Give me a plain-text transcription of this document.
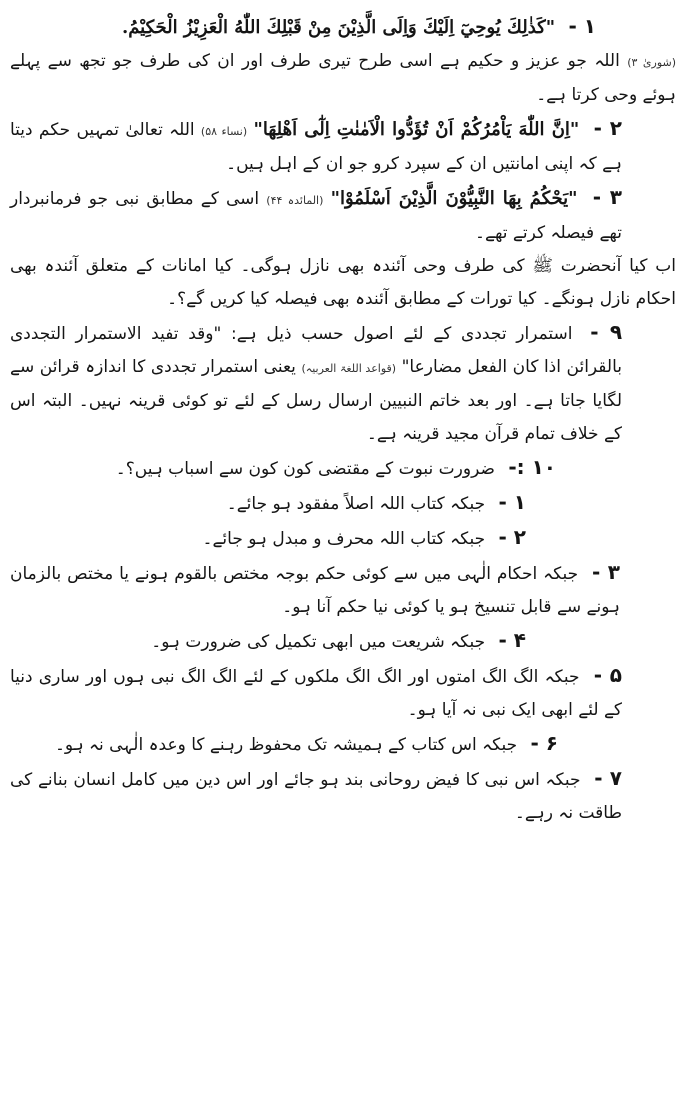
۱ - "كَذٰلِكَ يُوحِيٓ اِلَيْكَ وَاِلَى الَّذِيْنَ مِنْ قَبْلِكَ اللّٰهُ الْعَزِيْزُ الْحَكِيْمُ.

(شوریٰ ۳) اللہ جو عزیز و حکیم ہے اسی طرح تیری طرف اور ان کی طرف جو تجھ سے پہلے ہوئے وحی کرتا ہے۔

۲ - "اِنَّ اللّٰهَ يَاْمُرُكُمْ اَنْ تُؤَدُّوا الْاَمٰنٰتِ اِلٰٓى اَهْلِهَا" (نساء ۵۸) اللہ تعالیٰ تمہیں حکم دیتا ہے کہ اپنی امانتیں ان کے سپرد کرو جو ان کے اہل ہیں۔

۳ - "يَحْكُمُ بِهَا النَّبِيُّوْنَ الَّذِيْنَ اَسْلَمُوْا" (المائدہ ۴۴) اسی کے مطابق نبی جو فرمانبردار تھے فیصلہ کرتے تھے۔

اب کیا آنحضرت ﷺ کی طرف وحی آئندہ بھی نازل ہوگی۔ کیا امانات کے متعلق آئندہ بھی احکام نازل ہونگے۔ کیا تورات کے مطابق آئندہ بھی فیصلہ کیا کریں گے؟۔

۹ - استمرار تجددی کے لئے اصول حسب ذیل ہے: "وقد تفید الاستمرار التجددی بالقرائن اذا کان الفعل مضارعا" (قواعد اللغۃ العربیہ) یعنی استمرار تجددی کا اندازہ قرائن سے لگایا جاتا ہے۔ اور بعد خاتم النبیین ارسال رسل کے لئے تو کوئی قرینہ نہیں۔ البتہ اس کے خلاف تمام قرآن مجید قرینہ ہے۔

۱۰ :- ضرورت نبوت کے مقتضی کون کون سے اسباب ہیں؟۔

۱ - جبکہ کتاب اللہ اصلاً مفقود ہو جائے۔

۲ - جبکہ کتاب اللہ محرف و مبدل ہو جائے۔

۳ - جبکہ احکام الٰہی میں سے کوئی حکم بوجہ مختص بالقوم ہونے یا مختص بالزمان ہونے سے قابل تنسیخ ہو یا کوئی نیا حکم آنا ہو۔

۴ - جبکہ شریعت میں ابھی تکمیل کی ضرورت ہو۔

۵ - جبکہ الگ الگ امتوں اور الگ الگ ملکوں کے لئے الگ الگ نبی ہوں اور ساری دنیا کے لئے ابھی ایک نبی نہ آیا ہو۔

۶ - جبکہ اس کتاب کے ہمیشہ تک محفوظ رہنے کا وعدہ الٰہی نہ ہو۔

۷ - جبکہ اس نبی کا فیض روحانی بند ہو جائے اور اس دین میں کامل انسان بنانے کی طاقت نہ رہے۔
